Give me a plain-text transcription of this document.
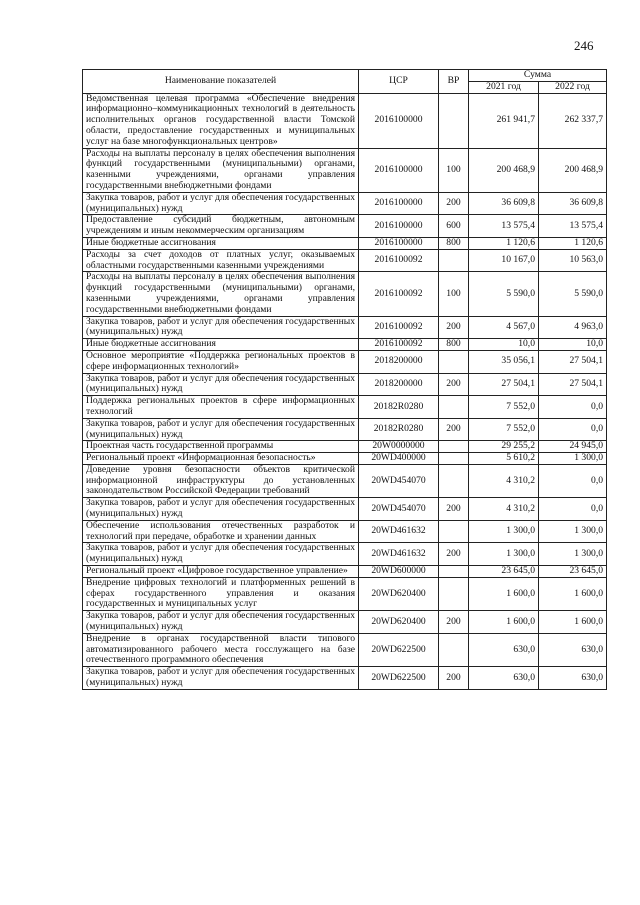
246
Наименование показателей	ЦСР	ВР	Сумма	
			2021 год	2022 год
Ведомственная целевая программа «Обеспечение внедрения информационно–коммуникационных технологий в деятельность исполнительных органов государственной власти Томской области, предоставление государственных и муниципальных услуг на базе многофункциональных центров»	2016100000		261 941,7	262 337,7
Расходы на выплаты персоналу в целях обеспечения выполнения функций государственными (муниципальными) органами, казенными учреждениями, органами управления государственными внебюджетными фондами	2016100000	100	200 468,9	200 468,9
Закупка товаров, работ и услуг для обеспечения государственных (муниципальных) нужд	2016100000	200	36 609,8	36 609,8
Предоставление субсидий бюджетным, автономным учреждениям и иным некоммерческим организациям	2016100000	600	13 575,4	13 575,4
Иные бюджетные ассигнования	2016100000	800	1 120,6	1 120,6
Расходы за счет доходов от платных услуг, оказываемых областными государственными казенными учреждениями	2016100092		10 167,0	10 563,0
Расходы на выплаты персоналу в целях обеспечения выполнения функций государственными (муниципальными) органами, казенными учреждениями, органами управления государственными внебюджетными фондами	2016100092	100	5 590,0	5 590,0
Закупка товаров, работ и услуг для обеспечения государственных (муниципальных) нужд	2016100092	200	4 567,0	4 963,0
Иные бюджетные ассигнования	2016100092	800	10,0	10,0
Основное мероприятие «Поддержка региональных проектов в сфере информационных технологий»	2018200000		35 056,1	27 504,1
Закупка товаров, работ и услуг для обеспечения государственных (муниципальных) нужд	2018200000	200	27 504,1	27 504,1
Поддержка региональных проектов в сфере информационных технологий	20182R0280		7 552,0	0,0
Закупка товаров, работ и услуг для обеспечения государственных (муниципальных) нужд	20182R0280	200	7 552,0	0,0
Проектная часть государственной программы	20W0000000		29 255,2	24 945,0
Региональный проект «Информационная безопасность»	20WD400000		5 610,2	1 300,0
Доведение уровня безопасности объектов критической информационной инфраструктуры до установленных законодательством Российской Федерации требований	20WD454070		4 310,2	0,0
Закупка товаров, работ и услуг для обеспечения государственных (муниципальных) нужд	20WD454070	200	4 310,2	0,0
Обеспечение использования отечественных разработок и технологий при передаче, обработке и хранении данных	20WD461632		1 300,0	1 300,0
Закупка товаров, работ и услуг для обеспечения государственных (муниципальных) нужд	20WD461632	200	1 300,0	1 300,0
Региональный проект «Цифровое государственное управление»	20WD600000		23 645,0	23 645,0
Внедрение цифровых технологий и платформенных решений в сферах государственного управления и оказания государственных и муниципальных услуг	20WD620400		1 600,0	1 600,0
Закупка товаров, работ и услуг для обеспечения государственных (муниципальных) нужд	20WD620400	200	1 600,0	1 600,0
Внедрение в органах государственной власти типового автоматизированного рабочего места госслужащего на базе отечественного программного обеспечения	20WD622500		630,0	630,0
Закупка товаров, работ и услуг для обеспечения государственных (муниципальных) нужд	20WD622500	200	630,0	630,0
